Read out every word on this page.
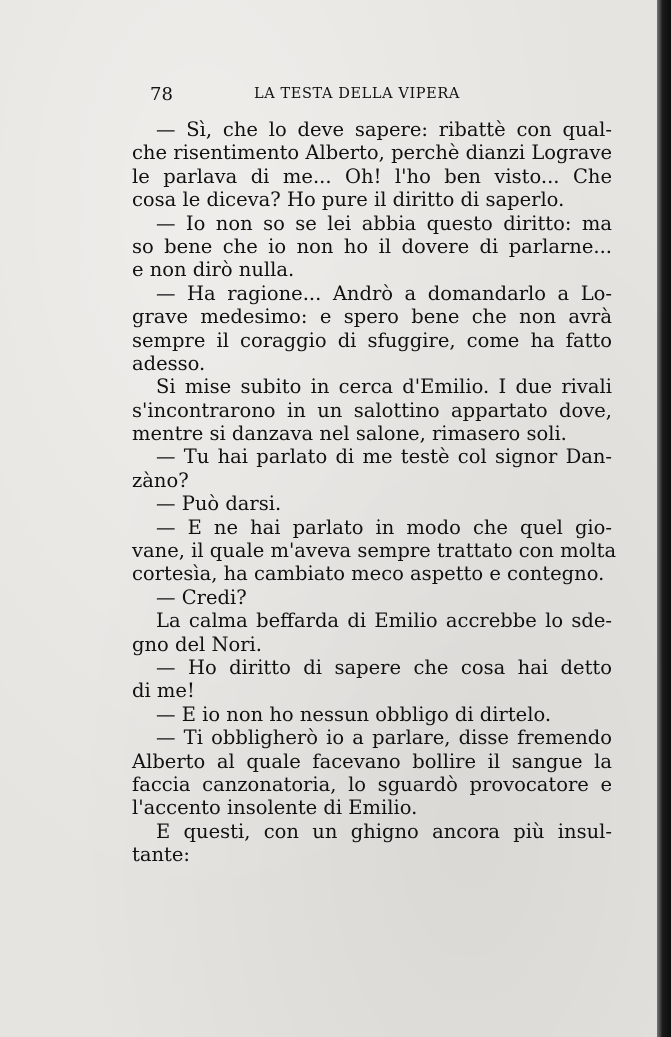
78	LA TESTA DELLA VIPERA
— Sì, che lo deve sapere: ribattè con qual-
che risentimento Alberto, perchè dianzi Lograve
le parlava di me... Oh! l'ho ben visto... Che
cosa le diceva? Ho pure il diritto di saperlo.
— Io non so se lei abbia questo diritto: ma
so bene che io non ho il dovere di parlarne...
e non dirò nulla.
— Ha ragione... Andrò a domandarlo a Lo-
grave medesimo: e spero bene che non avrà
sempre il coraggio di sfuggire, come ha fatto
adesso.
Si mise subito in cerca d'Emilio. I due rivali
s'incontrarono in un salottino appartato dove,
mentre si danzava nel salone, rimasero soli.
— Tu hai parlato di me testè col signor Dan-
zàno?
— Può darsi.
— E ne hai parlato in modo che quel gio-
vane, il quale m'aveva sempre trattato con molta
cortesìa, ha cambiato meco aspetto e contegno.
— Credi?
La calma beffarda di Emilio accrebbe lo sde-
gno del Nori.
— Ho diritto di sapere che cosa hai detto
di me!
— E io non ho nessun obbligo di dirtelo.
— Ti obbligherò io a parlare, disse fremendo
Alberto al quale facevano bollire il sangue la
faccia canzonatoria, lo sguardò provocatore e
l'accento insolente di Emilio.
E questi, con un ghigno ancora più insul-
tante:
